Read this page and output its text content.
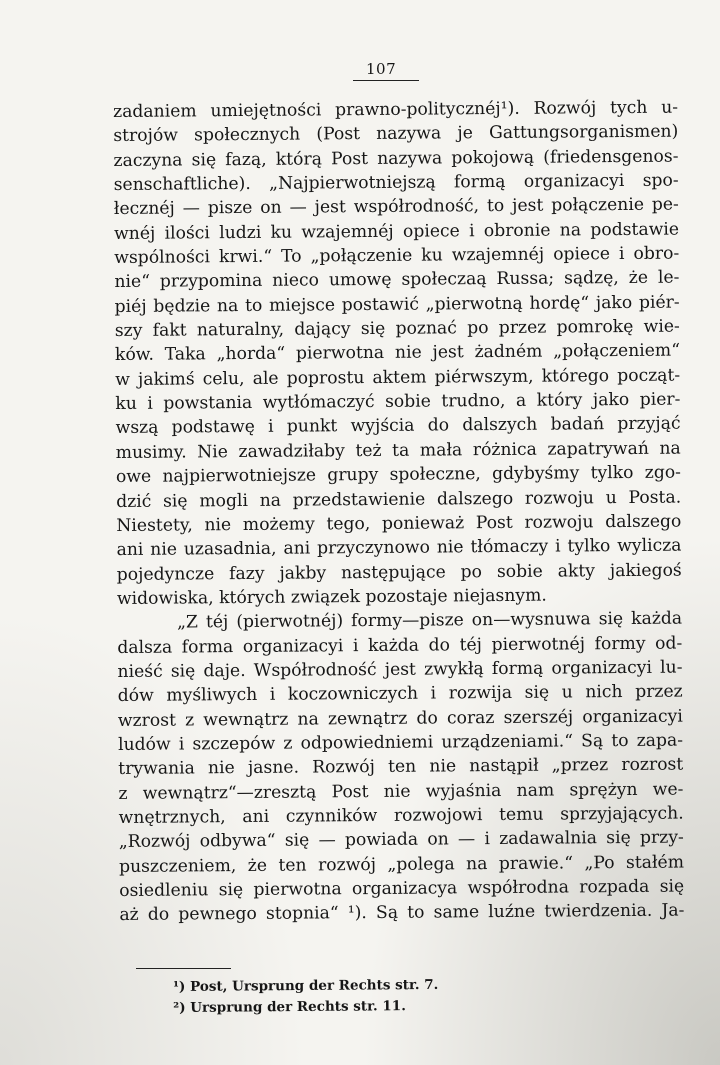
107
zadaniem umiejętności prawno-politycznéj¹). Rozwój tych u-
strojów społecznych (Post nazywa je Gattungsorganismen)
zaczyna się fazą, którą Post nazywa pokojową (friedensgenos-
senschaftliche). „Najpierwotniejszą formą organizacyi spo-
łecznéj — pisze on — jest współrodność, to jest połączenie pe-
wnéj ilości ludzi ku wzajemnéj opiece i obronie na podstawie
wspólności krwi.“ To „połączenie ku wzajemnéj opiece i obro-
nie“ przypomina nieco umowę społeczaą Russa; sądzę, że le-
piéj będzie na to miejsce postawić „pierwotną hordę“ jako piér-
szy fakt naturalny, dający się poznać po przez pomrokę wie-
ków. Taka „horda“ pierwotna nie jest żadném „połączeniem“
w jakimś celu, ale poprostu aktem piérwszym, którego począt-
ku i powstania wytłómaczyć sobie trudno, a który jako pier-
wszą podstawę i punkt wyjścia do dalszych badań przyjąć
musimy. Nie zawadziłaby też ta mała różnica zapatrywań na
owe najpierwotniejsze grupy społeczne, gdybyśmy tylko zgo-
dzić się mogli na przedstawienie dalszego rozwoju u Posta.
Niestety, nie możemy tego, ponieważ Post rozwoju dalszego
ani nie uzasadnia, ani przyczynowo nie tłómaczy i tylko wylicza
pojedyncze fazy jakby następujące po sobie akty jakiegoś
widowiska, których związek pozostaje niejasnym.
„Z téj (pierwotnéj) formy—pisze on—wysnuwa się każda
dalsza forma organizacyi i każda do téj pierwotnéj formy od-
nieść się daje. Współrodność jest zwykłą formą organizacyi lu-
dów myśliwych i koczowniczych i rozwija się u nich przez
wzrost z wewnątrz na zewnątrz do coraz szerszéj organizacyi
ludów i szczepów z odpowiedniemi urządzeniami.“ Są to zapa-
trywania nie jasne. Rozwój ten nie nastąpił „przez rozrost
z wewnątrz“—zresztą Post nie wyjaśnia nam sprężyn we-
wnętrznych, ani czynników rozwojowi temu sprzyjających.
„Rozwój odbywa“ się — powiada on — i zadawalnia się przy-
puszczeniem, że ten rozwój „polega na prawie.“ „Po stałém
osiedleniu się pierwotna organizacya współrodna rozpada się
aż do pewnego stopnia“ ¹). Są to same luźne twierdzenia. Ja-
¹) Post, Ursprung der Rechts str. 7.
²) Ursprung der Rechts str. 11.
